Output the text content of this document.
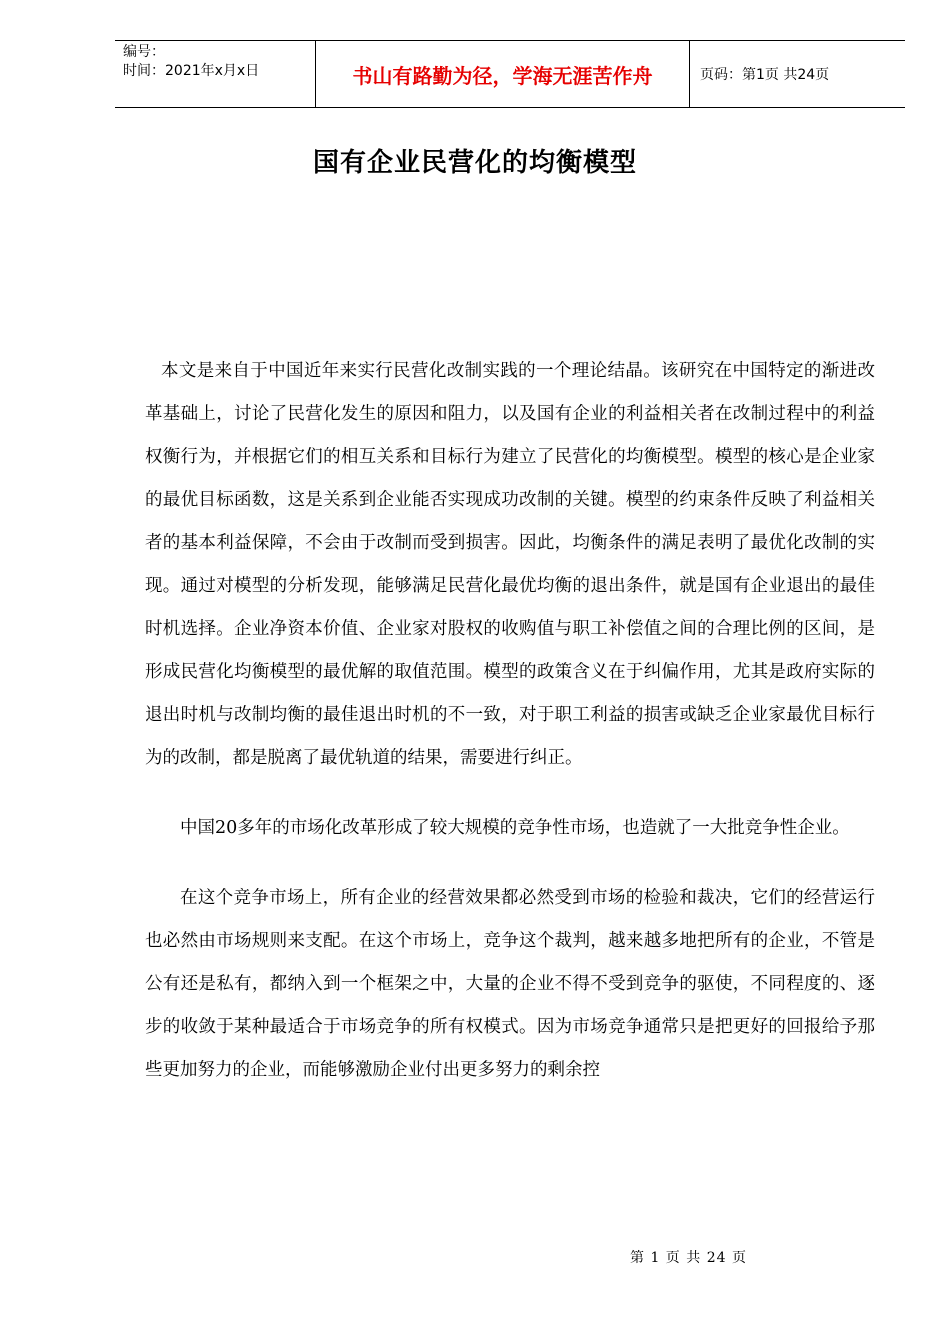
编号：
时间：2021年x月x日	书山有路勤为径，学海无涯苦作舟	页码：第1页 共24页
国有企业民营化的均衡模型

本文是来自于中国近年来实行民营化改制实践的一个理论结晶。该研究在中国特定的渐进改革基础上，讨论了民营化发生的原因和阻力，以及国有企业的利益相关者在改制过程中的利益权衡行为，并根据它们的相互关系和目标行为建立了民营化的均衡模型。模型的核心是企业家的最优目标函数，这是关系到企业能否实现成功改制的关键。模型的约束条件反映了利益相关者的基本利益保障，不会由于改制而受到损害。因此，均衡条件的满足表明了最优化改制的实现。通过对模型的分析发现，能够满足民营化最优均衡的退出条件，就是国有企业退出的最佳时机选择。企业净资本价值、企业家对股权的收购值与职工补偿值之间的合理比例的区间，是形成民营化均衡模型的最优解的取值范围。模型的政策含义在于纠偏作用，尤其是政府实际的退出时机与改制均衡的最佳退出时机的不一致，对于职工利益的损害或缺乏企业家最优目标行为的改制，都是脱离了最优轨道的结果，需要进行纠正。

中国20多年的市场化改革形成了较大规模的竞争性市场，也造就了一大批竞争性企业。

在这个竞争市场上，所有企业的经营效果都必然受到市场的检验和裁决，它们的经营运行也必然由市场规则来支配。在这个市场上，竞争这个裁判，越来越多地把所有的企业，不管是公有还是私有，都纳入到一个框架之中，大量的企业不得不受到竞争的驱使，不同程度的、逐步的收敛于某种最适合于市场竞争的所有权模式。因为市场竞争通常只是把更好的回报给予那些更加努力的企业，而能够激励企业付出更多努力的剩余控

第 1 页 共 24 页
